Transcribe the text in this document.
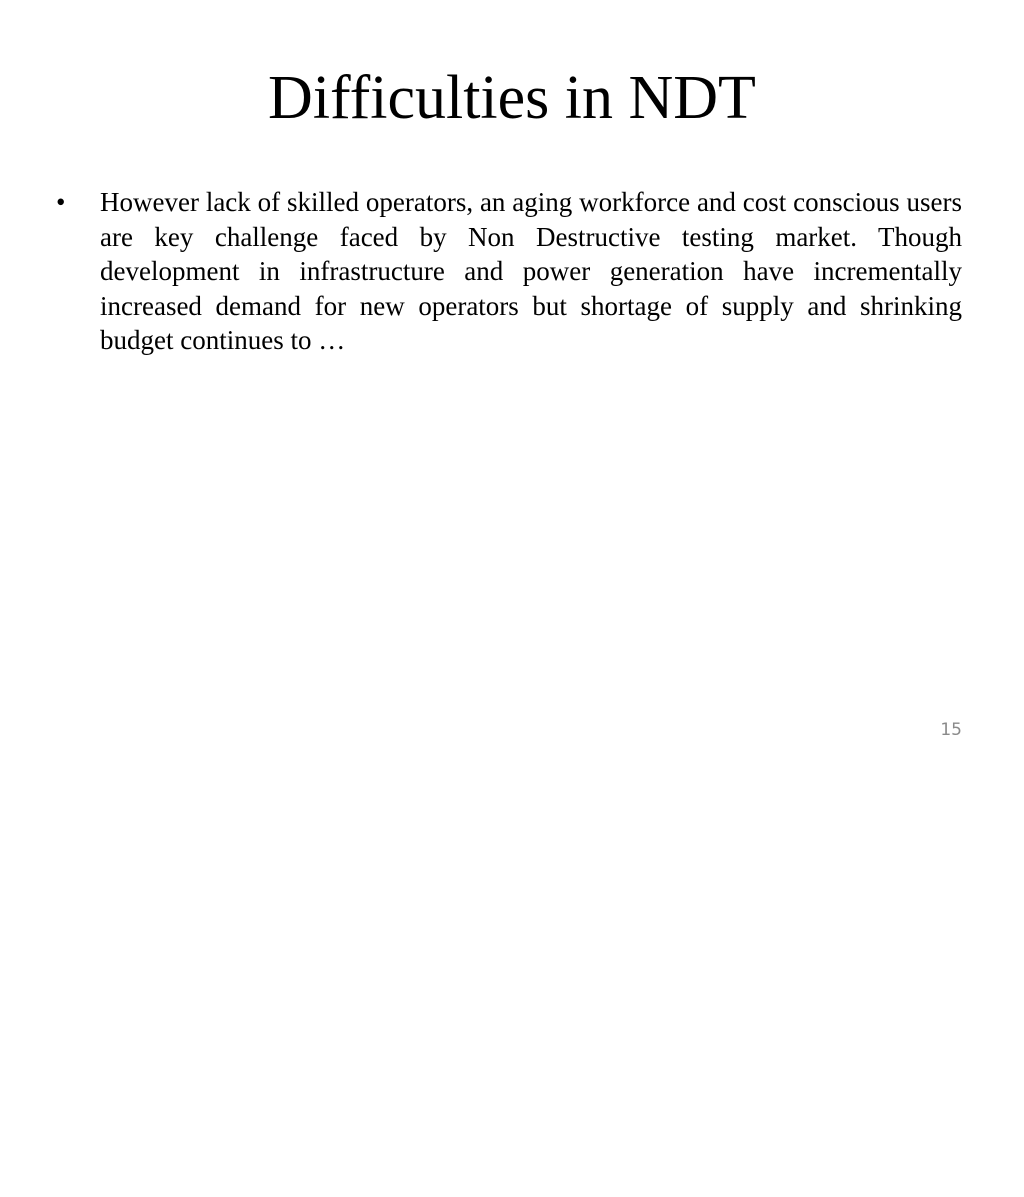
Difficulties in NDT
•	However lack of skilled operators, an aging workforce and cost conscious users are key challenge faced by Non Destructive testing market. Though development in infrastructure and power generation have incrementally increased demand for new operators but shortage of supply and shrinking budget continues to …
15
